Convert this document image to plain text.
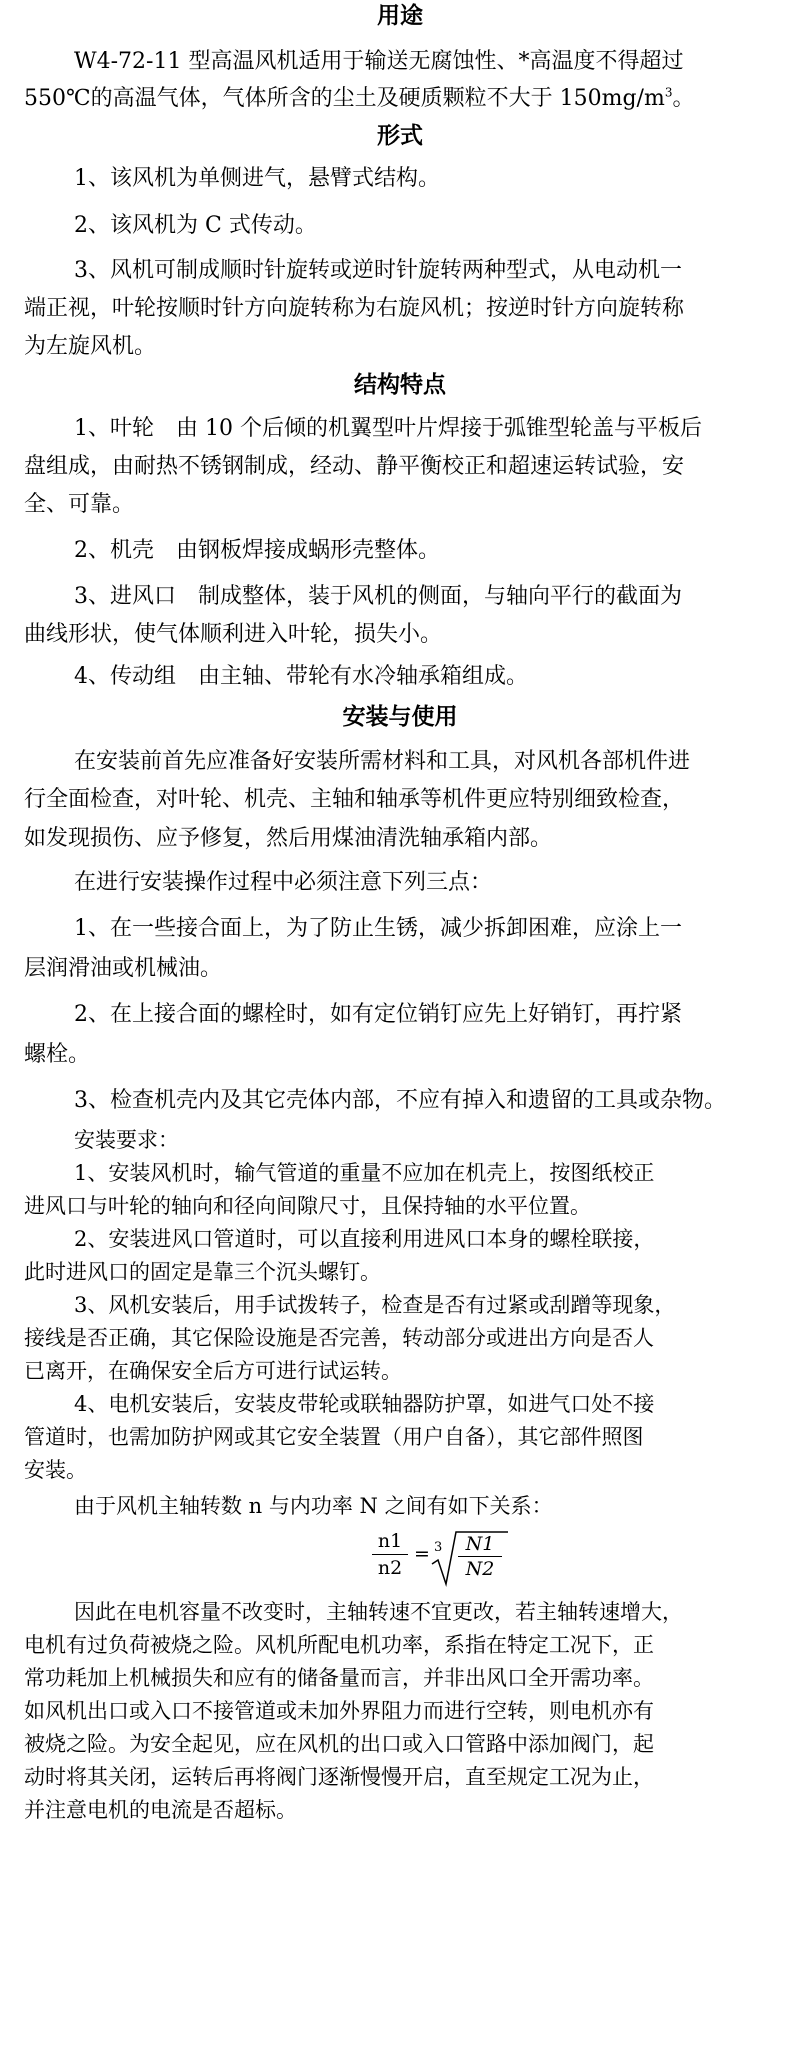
用途
W4-72-11 型高温风机适用于输送无腐蚀性、*高温度不得超过
550℃的高温气体，气体所含的尘土及硬质颗粒不大于 $150mg/m^3$。
形式
1、该风机为单侧进气，悬臂式结构。
2、该风机为 C 式传动。
3、风机可制成顺时针旋转或逆时针旋转两种型式，从电动机一
端正视，叶轮按顺时针方向旋转称为右旋风机；按逆时针方向旋转称
为左旋风机。
结构特点
1、叶轮　由 10 个后倾的机翼型叶片焊接于弧锥型轮盖与平板后
盘组成，由耐热不锈钢制成，经动、静平衡校正和超速运转试验，安
全、可靠。
2、机壳　由钢板焊接成蜗形壳整体。
3、进风口　制成整体，装于风机的侧面，与轴向平行的截面为
曲线形状，使气体顺利进入叶轮，损失小。
4、传动组　由主轴、带轮有水冷轴承箱组成。
安装与使用
在安装前首先应准备好安装所需材料和工具，对风机各部机件进
行全面检查，对叶轮、机壳、主轴和轴承等机件更应特别细致检查，
如发现损伤、应予修复，然后用煤油清洗轴承箱内部。
在进行安装操作过程中必须注意下列三点：
1、在一些接合面上，为了防止生锈，减少拆卸困难，应涂上一
层润滑油或机械油。
2、在上接合面的螺栓时，如有定位销钉应先上好销钉，再拧紧
螺栓。
3、检查机壳内及其它壳体内部，不应有掉入和遗留的工具或杂物。
安装要求：
1、安装风机时，输气管道的重量不应加在机壳上，按图纸校正
进风口与叶轮的轴向和径向间隙尺寸，且保持轴的水平位置。
2、安装进风口管道时，可以直接利用进风口本身的螺栓联接，
此时进风口的固定是靠三个沉头螺钉。
3、风机安装后，用手试拨转子，检查是否有过紧或刮蹭等现象，
接线是否正确，其它保险设施是否完善，转动部分或进出方向是否人
已离开，在确保安全后方可进行试运转。
4、电机安装后，安装皮带轮或联轴器防护罩，如进气口处不接
管道时，也需加防护网或其它安全装置（用户自备），其它部件照图
安装。
由于风机主轴转数 n 与内功率 N 之间有如下关系：
n1
n2
= 3	N1
N2
因此在电机容量不改变时，主轴转速不宜更改，若主轴转速增大，
电机有过负荷被烧之险。风机所配电机功率，系指在特定工况下，正
常功耗加上机械损失和应有的储备量而言，并非出风口全开需功率。
如风机出口或入口不接管道或未加外界阻力而进行空转，则电机亦有
被烧之险。为安全起见，应在风机的出口或入口管路中添加阀门，起
动时将其关闭，运转后再将阀门逐渐慢慢开启，直至规定工况为止，
并注意电机的电流是否超标。
